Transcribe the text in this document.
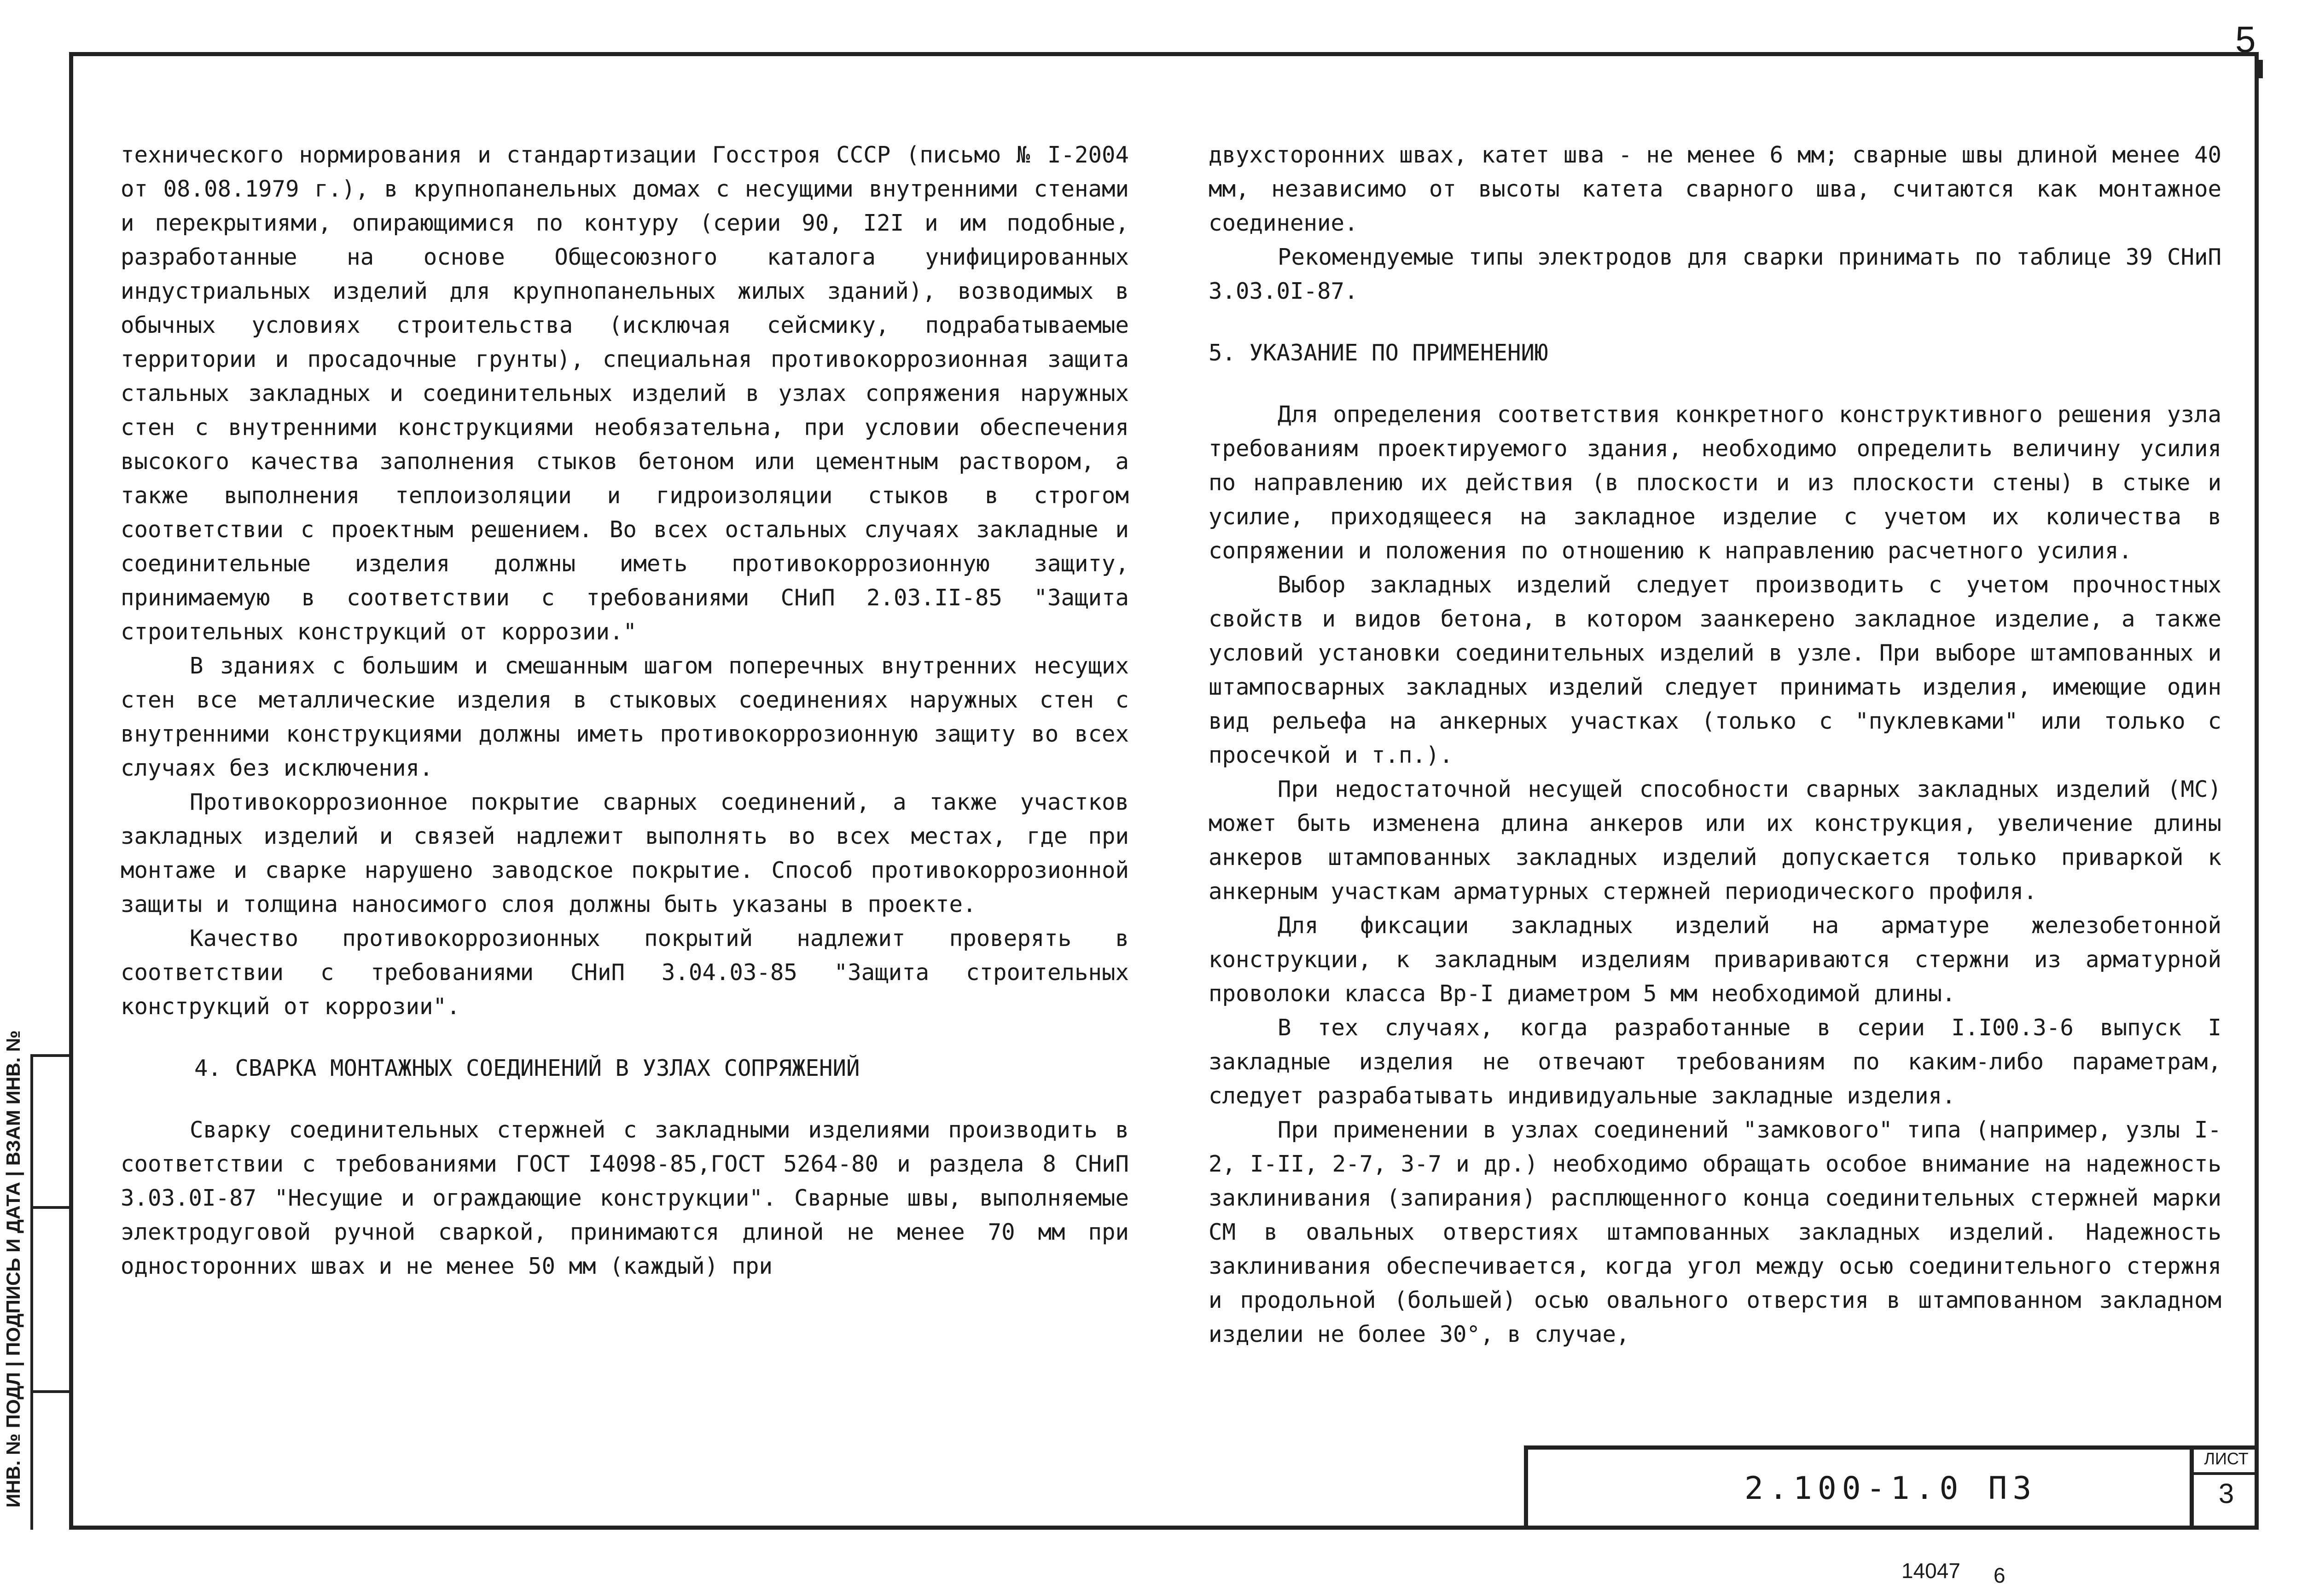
5

технического нормирования и стандартизации Госстроя СССР (письмо № I-2004 от 08.08.1979 г.), в крупнопанельных домах с несущими внутренними стенами и перекрытиями, опирающимися по контуру (серии 90, I2I и им подобные, разработанные на основе Общесоюзного каталога унифицированных индустриальных изделий для крупнопанельных жилых зданий), возводимых в обычных условиях строительства (исключая сейсмику, подрабатываемые территории и просадочные грунты), специальная противокоррозионная защита стальных закладных и соединительных изделий в узлах сопряжения наружных стен с внутренними конструкциями необязательна, при условии обеспечения высокого качества заполнения стыков бетоном или цементным раствором, а также выполнения теплоизоляции и гидроизоляции стыков в строгом соответствии с проектным решением. Во всех остальных случаях закладные и соединительные изделия должны иметь противокоррозионную защиту, принимаемую в соответствии с требованиями СНиП 2.03.II-85 "Защита строительных конструкций от коррозии."

В зданиях с большим и смешанным шагом поперечных внутренних несущих стен все металлические изделия в стыковых соединениях наружных стен с внутренними конструкциями должны иметь противокоррозионную защиту во всех случаях без исключения.

Противокоррозионное покрытие сварных соединений, а также участков закладных изделий и связей надлежит выполнять во всех местах, где при монтаже и сварке нарушено заводское покрытие. Способ противокоррозионной защиты и толщина наносимого слоя должны быть указаны в проекте.

Качество противокоррозионных покрытий надлежит проверять в соответствии с требованиями СНиП 3.04.03-85 "Защита строительных конструкций от коррозии".

4. СВАРКА МОНТАЖНЫХ СОЕДИНЕНИЙ В УЗЛАХ СОПРЯЖЕНИЙ

Сварку соединительных стержней с закладными изделиями производить в соответствии с требованиями ГОСТ I4098-85,ГОСТ 5264-80 и раздела 8 СНиП 3.03.0I-87 "Несущие и ограждающие конструкции". Сварные швы, выполняемые электродуговой ручной сваркой, принимаются длиной не менее 70 мм при односторонних швах и не менее 50 мм (каждый) при

двухсторонних швах, катет шва - не менее 6 мм; сварные швы длиной менее 40 мм, независимо от высоты катета сварного шва, считаются как монтажное соединение.

Рекомендуемые типы электродов для сварки принимать по таблице 39 СНиП 3.03.0I-87.

5. УКАЗАНИЕ ПО ПРИМЕНЕНИЮ

Для определения соответствия конкретного конструктивного решения узла требованиям проектируемого здания, необходимо определить величину усилия по направлению их действия (в плоскости и из плоскости стены) в стыке и усилие, приходящееся на закладное изделие с учетом их количества в сопряжении и положения по отношению к направлению расчетного усилия.

Выбор закладных изделий следует производить с учетом прочностных свойств и видов бетона, в котором заанкерено закладное изделие, а также условий установки соединительных изделий в узле. При выборе штампованных и штампосварных закладных изделий следует принимать изделия, имеющие один вид рельефа на анкерных участках (только с "пуклевками" или только с просечкой и т.п.).

При недостаточной несущей способности сварных закладных изделий (МС) может быть изменена длина анкеров или их конструкция, увеличение длины анкеров штампованных закладных изделий допускается только приваркой к анкерным участкам арматурных стержней периодического профиля.

Для фиксации закладных изделий на арматуре железобетонной конструкции, к закладным изделиям привариваются стержни из арматурной проволоки класса Вр-I диаметром 5 мм необходимой длины.

В тех случаях, когда разработанные в серии I.I00.3-6 выпуск I закладные изделия не отвечают требованиям по каким-либо параметрам, следует разрабатывать индивидуальные закладные изделия.

При применении в узлах соединений "замкового" типа (например, узлы I-2, I-II, 2-7, 3-7 и др.) необходимо обращать особое внимание на надежность заклинивания (запирания) расплющенного конца соединительных стержней марки СМ в овальных отверстиях штампованных закладных изделий. Надежность заклинивания обеспечивается, когда угол между осью соединительного стержня и продольной (большей) осью овального отверстия в штампованном закладном изделии не более 30°, в случае,

ИНВ. № ПОДЛ | ПОДПИСЬ И ДАТА | ВЗАМ ИНВ. №	2.100-1.0 ПЗ
ЛИСТ
3
14047 6
